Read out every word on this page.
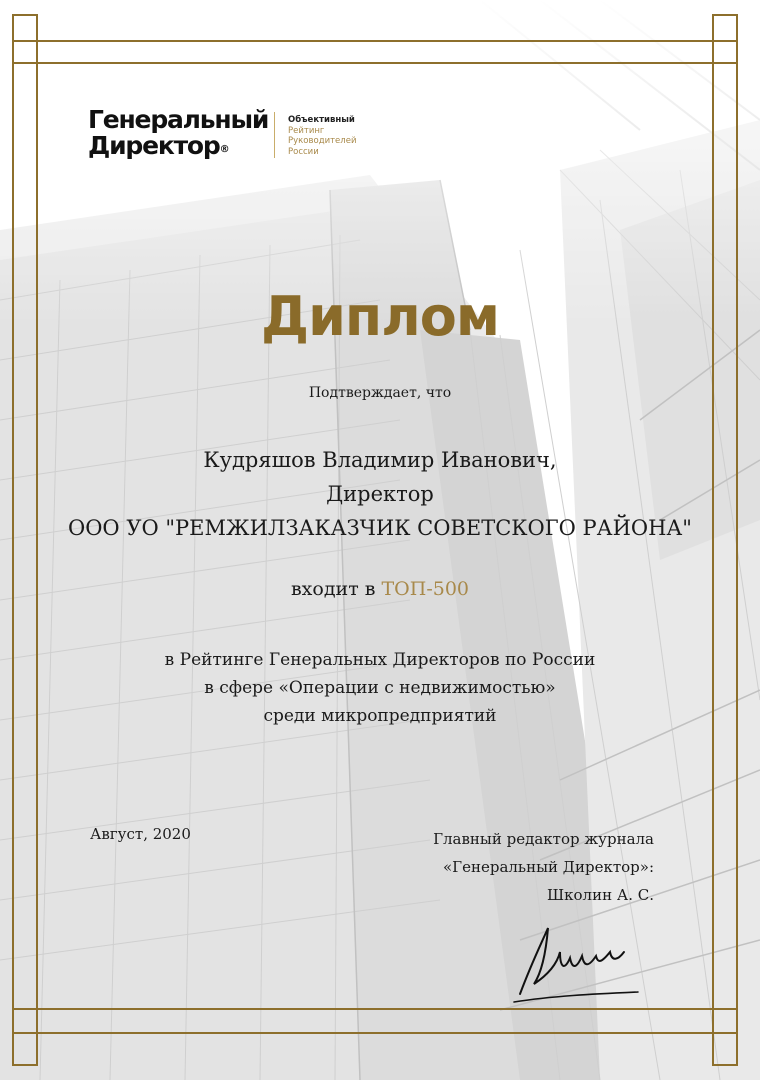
Генеральный
Директор®
Объективный
Рейтинг
Руководителей
России
Диплом
Подтверждает, что
Кудряшов Владимир Иванович,
Директор
ООО УО "РЕМЖИЛЗАКАЗЧИК СОВЕТСКОГО РАЙОНА"
входит в ТОП-500
в Рейтинге Генеральных Директоров по России
в сфере «Операции с недвижимостью»
среди микропредприятий
Август, 2020	Главный редактор журнала
«Генеральный Директор»:
Школин А. С.
